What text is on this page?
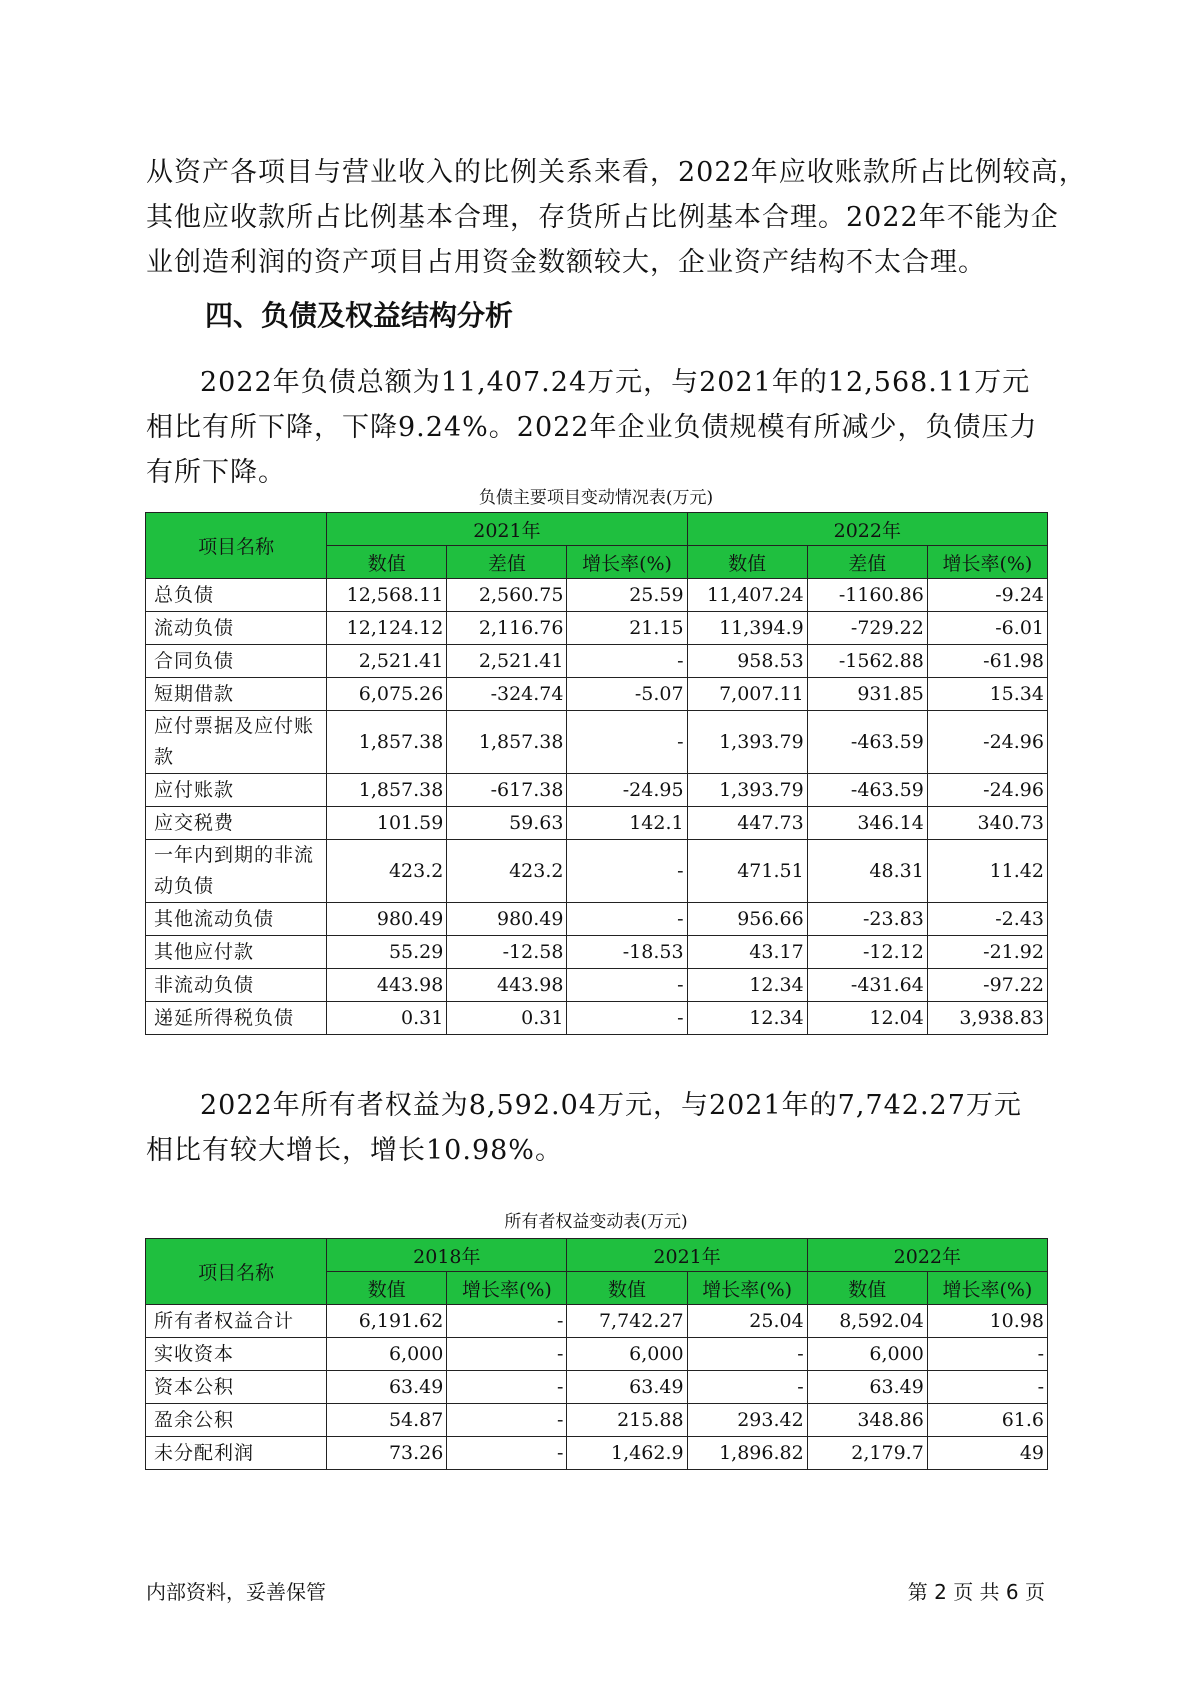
从资产各项目与营业收入的比例关系来看，2022年应收账款所占比例较高，
其他应收款所占比例基本合理，存货所占比例基本合理。2022年不能为企
业创造利润的资产项目占用资金数额较大，企业资产结构不太合理。

四、负债及权益结构分析

2022年负债总额为11,407.24万元，与2021年的12,568.11万元相比有所下降，下降9.24%。2022年企业负债规模有所减少，负债压力有所下降。

负债主要项目变动情况表(万元)

项目名称	2021年			2022年		
	数值	差值	增长率(%)	数值	差值	增长率(%)
总负债	12,568.11	2,560.75	25.59	11,407.24	-1160.86	-9.24
流动负债	12,124.12	2,116.76	21.15	11,394.9	-729.22	-6.01
合同负债	2,521.41	2,521.41	-	958.53	-1562.88	-61.98
短期借款	6,075.26	-324.74	-5.07	7,007.11	931.85	15.34
应付票据及应付账款	1,857.38	1,857.38	-	1,393.79	-463.59	-24.96
应付账款	1,857.38	-617.38	-24.95	1,393.79	-463.59	-24.96
应交税费	101.59	59.63	142.1	447.73	346.14	340.73
一年内到期的非流动负债	423.2	423.2	-	471.51	48.31	11.42
其他流动负债	980.49	980.49	-	956.66	-23.83	-2.43
其他应付款	55.29	-12.58	-18.53	43.17	-12.12	-21.92
非流动负债	443.98	443.98	-	12.34	-431.64	-97.22
递延所得税负债	0.31	0.31	-	12.34	12.04	3,938.83

2022年所有者权益为8,592.04万元，与2021年的7,742.27万元相比有较大增长，增长10.98%。

所有者权益变动表(万元)

项目名称	2018年		2021年		2022年	
	数值	增长率(%)	数值	增长率(%)	数值	增长率(%)
所有者权益合计	6,191.62	-	7,742.27	25.04	8,592.04	10.98
实收资本	6,000	-	6,000	-	6,000	-
资本公积	63.49	-	63.49	-	63.49	-
盈余公积	54.87	-	215.88	293.42	348.86	61.6
未分配利润	73.26	-	1,462.9	1,896.82	2,179.7	49
内部资料，妥善保管	第 2 页 共 6 页
